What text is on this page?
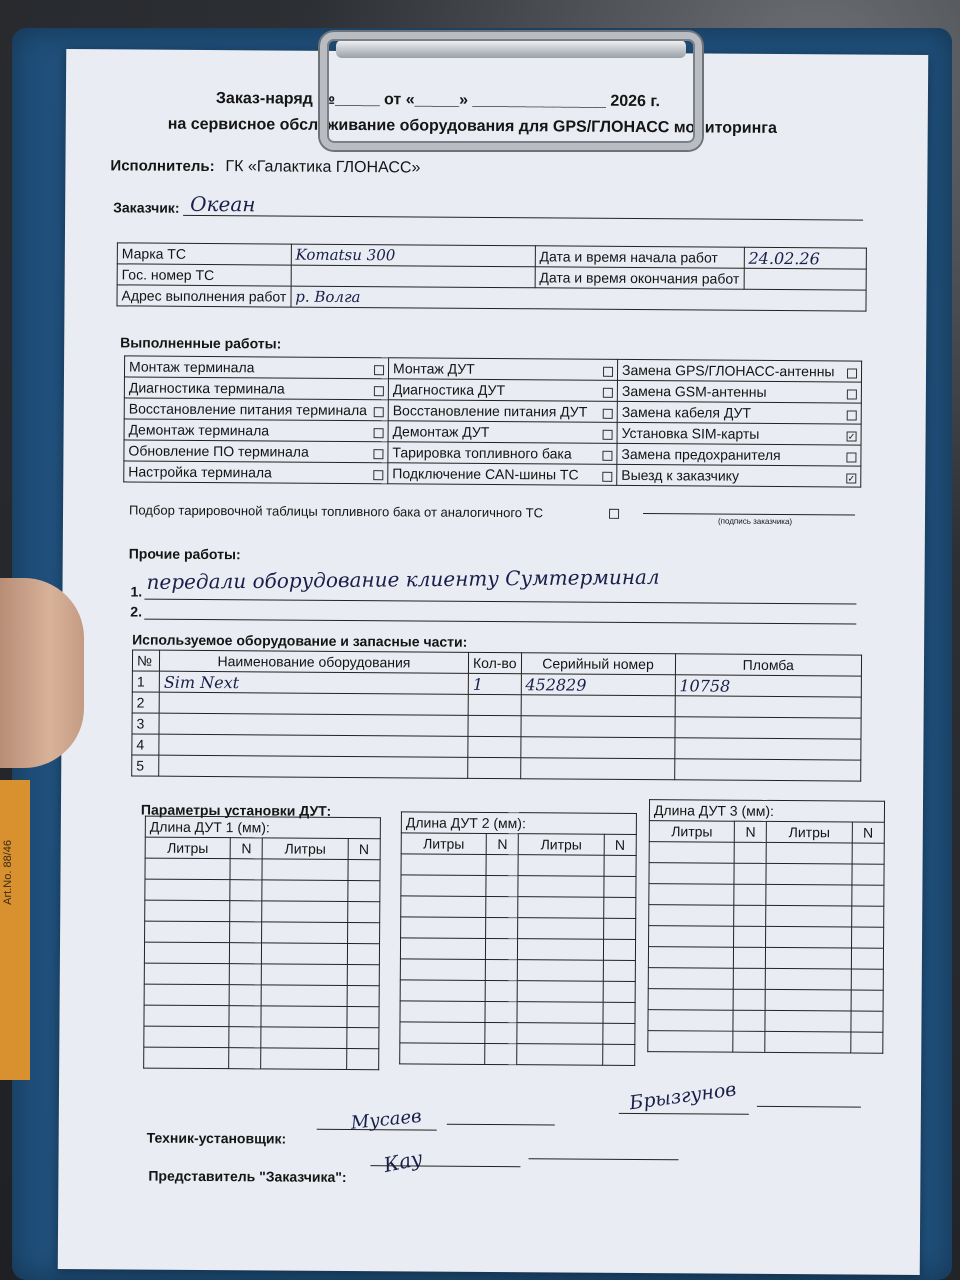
Заказ-наряд №_____ от «_____» _______________ 2026 г.
на сервисное обслуживание оборудования для GPS/ГЛОНАСС мониторинга
Исполнитель: ГК «Галактика ГЛОНАСС»
Заказчик: Океан
Марка ТС	Komatsu 300	Дата и время начала работ	24.02.26
Гос. номер ТС		Дата и время окончания работ	
Адрес выполнения работ	р. Волга		
Выполненные работы:
Монтаж терминала	Монтаж ДУТ	Замена GPS/ГЛОНАСС-антенны

Диагностика терминала	Диагностика ДУТ	Замена GSM-антенны

Восстановление питания терминала	Восстановление питания ДУТ	Замена кабеля ДУТ

Демонтаж терминала	Демонтаж ДУТ	Установка SIM-карты ✓

Обновление ПО терминала	Тарировка топливного бака	Замена предохранителя

Настройка терминала	Подключение CAN-шины ТС	Выезд к заказчику ✓
Подбор тарировочной таблицы топливного бака от аналогичного ТС
(подпись заказчика)
Прочие работы:
1. передали оборудование клиенту Сумтерминал
2.
Используемое оборудование и запасные части:
№	Наименование оборудования	Кол-во	Серийный номер	Пломба
1	Sim Next	1	452829	10758
2				
3				
4				
5				
Параметры установки ДУТ:
Длина ДУТ 1 (мм):			
Литры	N	Литры	N

Длина ДУТ 2 (мм):			
Литры	N	Литры	N

Длина ДУТ 3 (мм):			
Литры	N	Литры	N

Техник-установщик:
Мусаев
Брызгунов
Представитель "Заказчика": Кау
Art.No. 88/46
